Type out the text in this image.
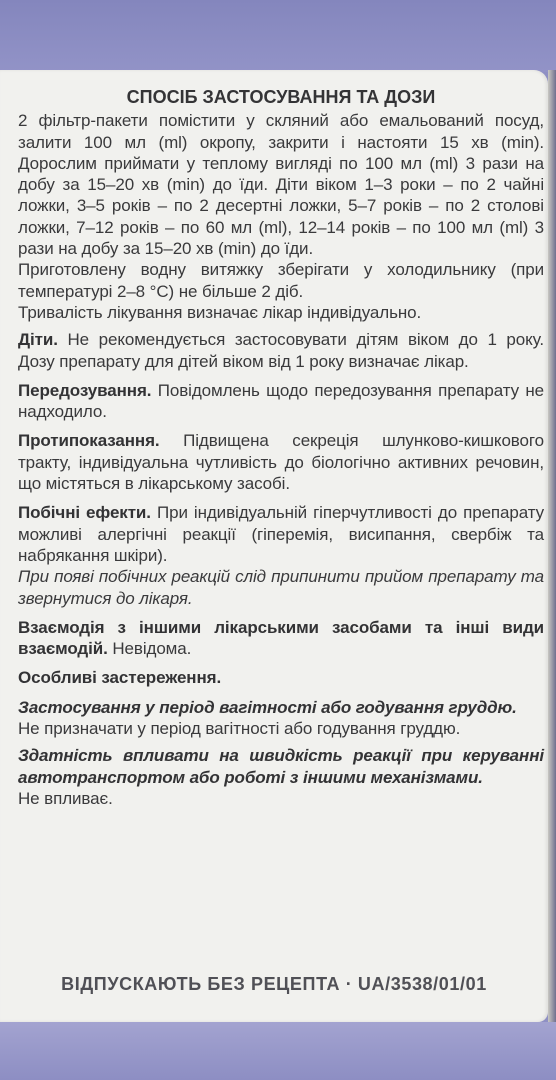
СПОСІБ ЗАСТОСУВАННЯ ТА ДОЗИ

2 фільтр-пакети помістити у скляний або емальований посуд, залити 100 мл (ml) окропу, закрити і настояти 15 хв (min). Дорослим приймати у теплому вигляді по 100 мл (ml) 3 рази на добу за 15–20 хв (min) до їди. Діти віком 1–3 роки – по 2 чайні ложки, 3–5 років – по 2 десертні ложки, 5–7 років – по 2 столові ложки, 7–12 років – по 60 мл (ml), 12–14 років – по 100 мл (ml) 3 рази на добу за 15–20 хв (min) до їди.

Приготовлену водну витяжку зберігати у холодильнику (при температурі 2–8 °С) не більше 2 діб.

Тривалість лікування визначає лікар індивідуально.

Діти. Не рекомендується застосовувати дітям віком до 1 року. Дозу препарату для дітей віком від 1 року визначає лікар.

Передозування. Повідомлень щодо передозування препарату не надходило.

Протипоказання. Підвищена секреція шлунково-кишкового тракту, індивідуальна чутливість до біологічно активних речовин, що містяться в лікарському засобі.

Побічні ефекти. При індивідуальній гіперчутливості до препарату можливі алергічні реакції (гіперемія, висипання, свербіж та набрякання шкіри).

При появі побічних реакцій слід припинити прийом препарату та звернутися до лікаря.

Взаємодія з іншими лікарськими засобами та інші види взаємодій. Невідома.

Особливі застереження.

Застосування у період вагітності або годування груддю.

Не призначати у період вагітності або годування груддю.

Здатність впливати на швидкість реакції при керуванні автотранспортом або роботі з іншими механізмами.

Не впливає.

ВІДПУСКАЮТЬ БЕЗ РЕЦЕПТА · UA/3538/01/01
